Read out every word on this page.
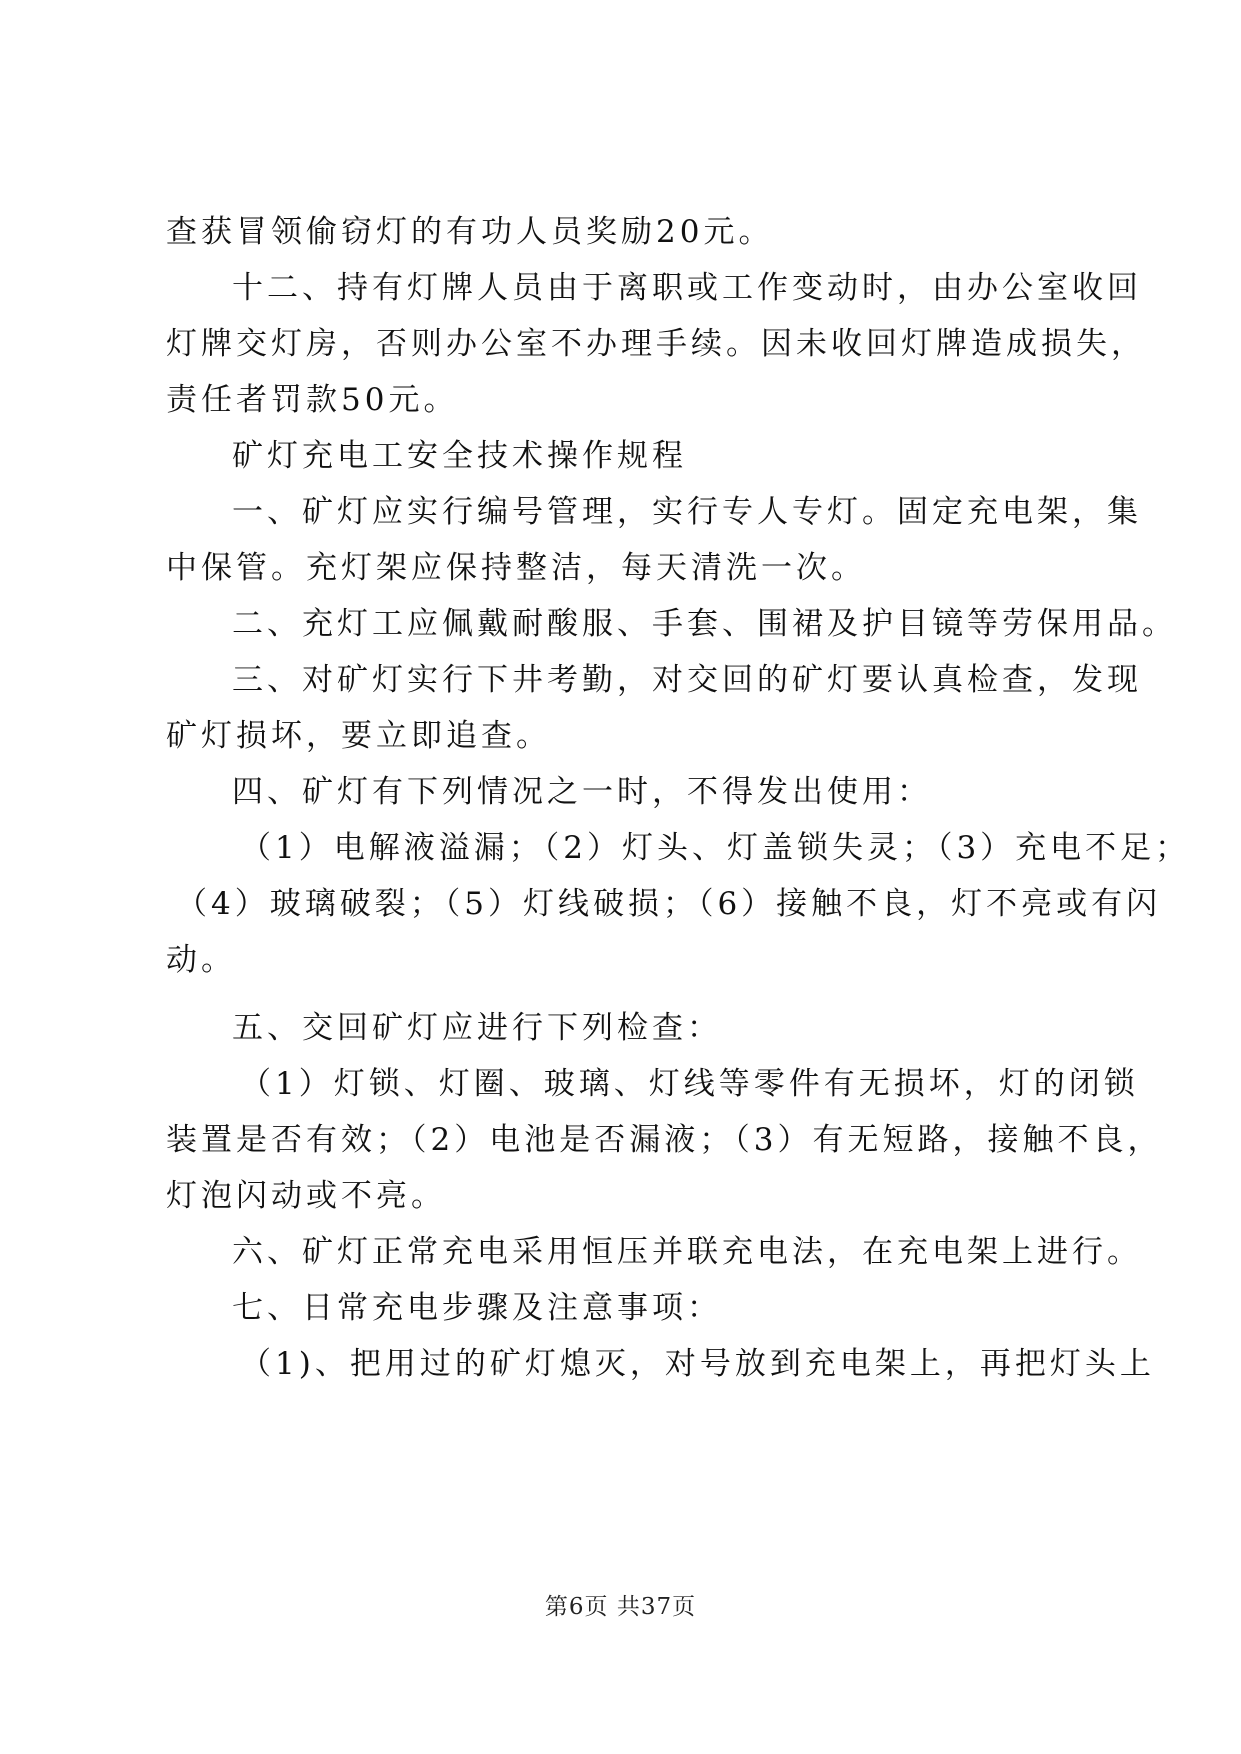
查获冒领偷窃灯的有功人员奖励20元。
十二、持有灯牌人员由于离职或工作变动时，由办公室收回
灯牌交灯房，否则办公室不办理手续。因未收回灯牌造成损失，
责任者罚款50元。
矿灯充电工安全技术操作规程
一、矿灯应实行编号管理，实行专人专灯。固定充电架，集
中保管。充灯架应保持整洁，每天清洗一次。
二、充灯工应佩戴耐酸服、手套、围裙及护目镜等劳保用品。
三、对矿灯实行下井考勤，对交回的矿灯要认真检查，发现
矿灯损坏，要立即追查。
四、矿灯有下列情况之一时，不得发出使用：
（1）电解液溢漏；（2）灯头、灯盖锁失灵；（3）充电不足；
（4）玻璃破裂；（5）灯线破损；（6）接触不良，灯不亮或有闪
动。
五、交回矿灯应进行下列检查：
（1）灯锁、灯圈、玻璃、灯线等零件有无损坏，灯的闭锁
装置是否有效；（2）电池是否漏液；（3）有无短路，接触不良，
灯泡闪动或不亮。
六、矿灯正常充电采用恒压并联充电法，在充电架上进行。
七、日常充电步骤及注意事项：
（1)、把用过的矿灯熄灭，对号放到充电架上，再把灯头上
第6页 共37页
